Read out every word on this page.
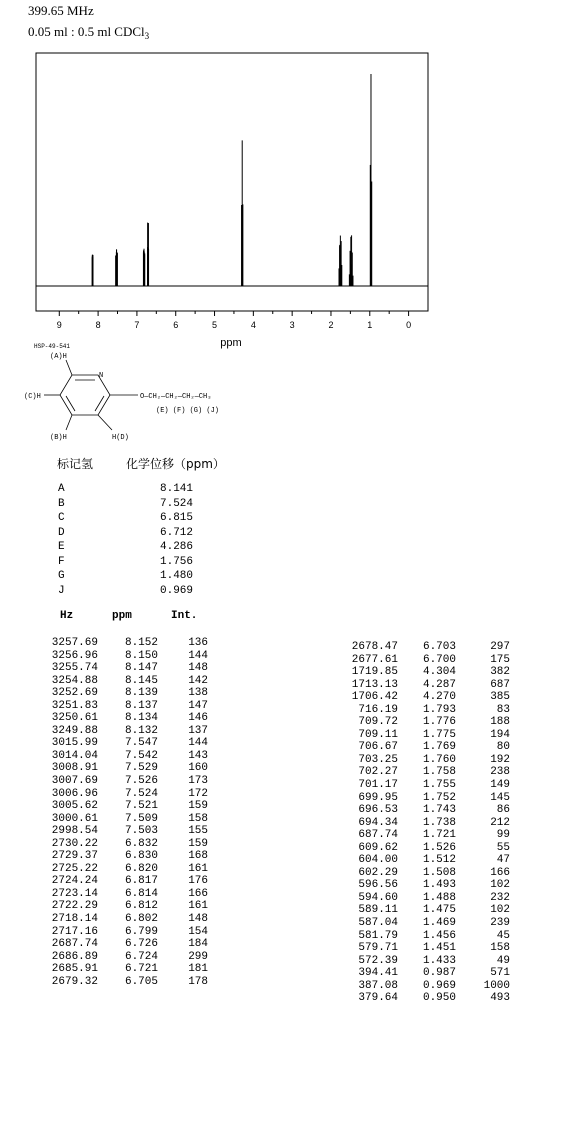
399.65 MHz
0.05 ml : 0.5 ml CDCl$_3$
9	8	7	6	5	4	3	2	1	0
ppm
HSP-49-541
(A)H
(C)H
(B)H	H(D)
N
O—CH₂—CH₂—CH₂—CH₃
(E) (F) (G) (J)
标记氢	化学位移（ppm）
A	8.141
B	7.524
C	6.815
D	6.712
E	4.286
F	1.756
G	1.480
J	0.969
Hz	ppm	Int.
3257.69	8.152	136
3256.96	8.150	144
3255.74	8.147	148
3254.88	8.145	142
3252.69	8.139	138
3251.83	8.137	147
3250.61	8.134	146
3249.88	8.132	137
3015.99	7.547	144
3014.04	7.542	143
3008.91	7.529	160
3007.69	7.526	173
3006.96	7.524	172
3005.62	7.521	159
3000.61	7.509	158
2998.54	7.503	155
2730.22	6.832	159
2729.37	6.830	168
2725.22	6.820	161
2724.24	6.817	176
2723.14	6.814	166
2722.29	6.812	161
2718.14	6.802	148
2717.16	6.799	154
2687.74	6.726	184
2686.89	6.724	299
2685.91	6.721	181
2679.32	6.705	178
2678.47	6.703	297
2677.61	6.700	175
1719.85	4.304	382
1713.13	4.287	687
1706.42	4.270	385
716.19	1.793	83
709.72	1.776	188
709.11	1.775	194
706.67	1.769	80
703.25	1.760	192
702.27	1.758	238
701.17	1.755	149
699.95	1.752	145
696.53	1.743	86
694.34	1.738	212
687.74	1.721	99
609.62	1.526	55
604.00	1.512	47
602.29	1.508	166
596.56	1.493	102
594.60	1.488	232
589.11	1.475	102
587.04	1.469	239
581.79	1.456	45
579.71	1.451	158
572.39	1.433	49
394.41	0.987	571
387.08	0.969	1000
379.64	0.950	493
